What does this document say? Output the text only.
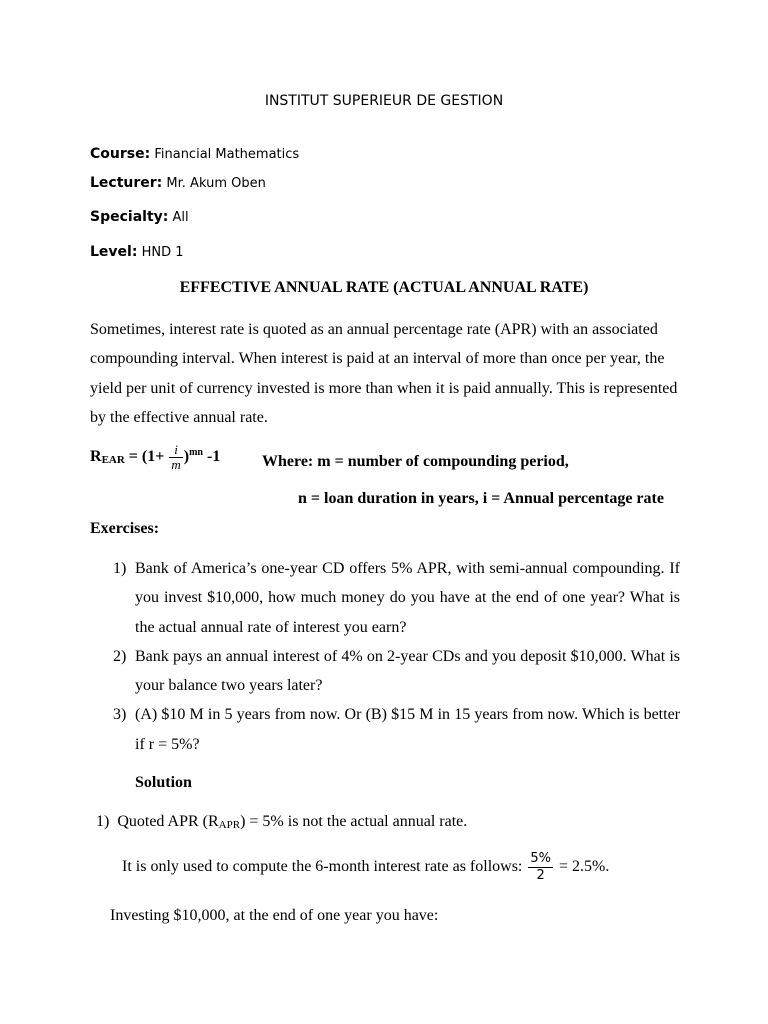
INSTITUT SUPERIEUR DE GESTION
Course: Financial Mathematics
Lecturer: Mr. Akum Oben
Specialty: All
Level: HND 1
EFFECTIVE ANNUAL RATE (ACTUAL ANNUAL RATE)
Sometimes, interest rate is quoted as an annual percentage rate (APR) with an associated compounding interval. When interest is paid at an interval of more than once per year, the yield per unit of currency invested is more than when it is paid annually. This is represented by the effective annual rate.
REAR = $(1+ \frac{i}{m} )^{mn}$ -1	Where: m = number of compounding period,
n = loan duration in years, i = Annual percentage rate
Exercises:
1) Bank of America’s one-year CD offers 5% APR, with semi-annual compounding. If you invest $10,000, how much money do you have at the end of one year? What is the actual annual rate of interest you earn?
2) Bank pays an annual interest of 4% on 2-year CDs and you deposit $10,000. What is your balance two years later?
3) (A) $10 M in 5 years from now. Or (B) $15 M in 15 years from now. Which is better if r = 5%?
Solution
1)  Quoted APR (RAPR) = 5% is not the actual annual rate.
It is only used to compute the 6-month interest rate as follows: $\frac{5\%}{2} = 2.5\%$.
Investing $10,000, at the end of one year you have:
